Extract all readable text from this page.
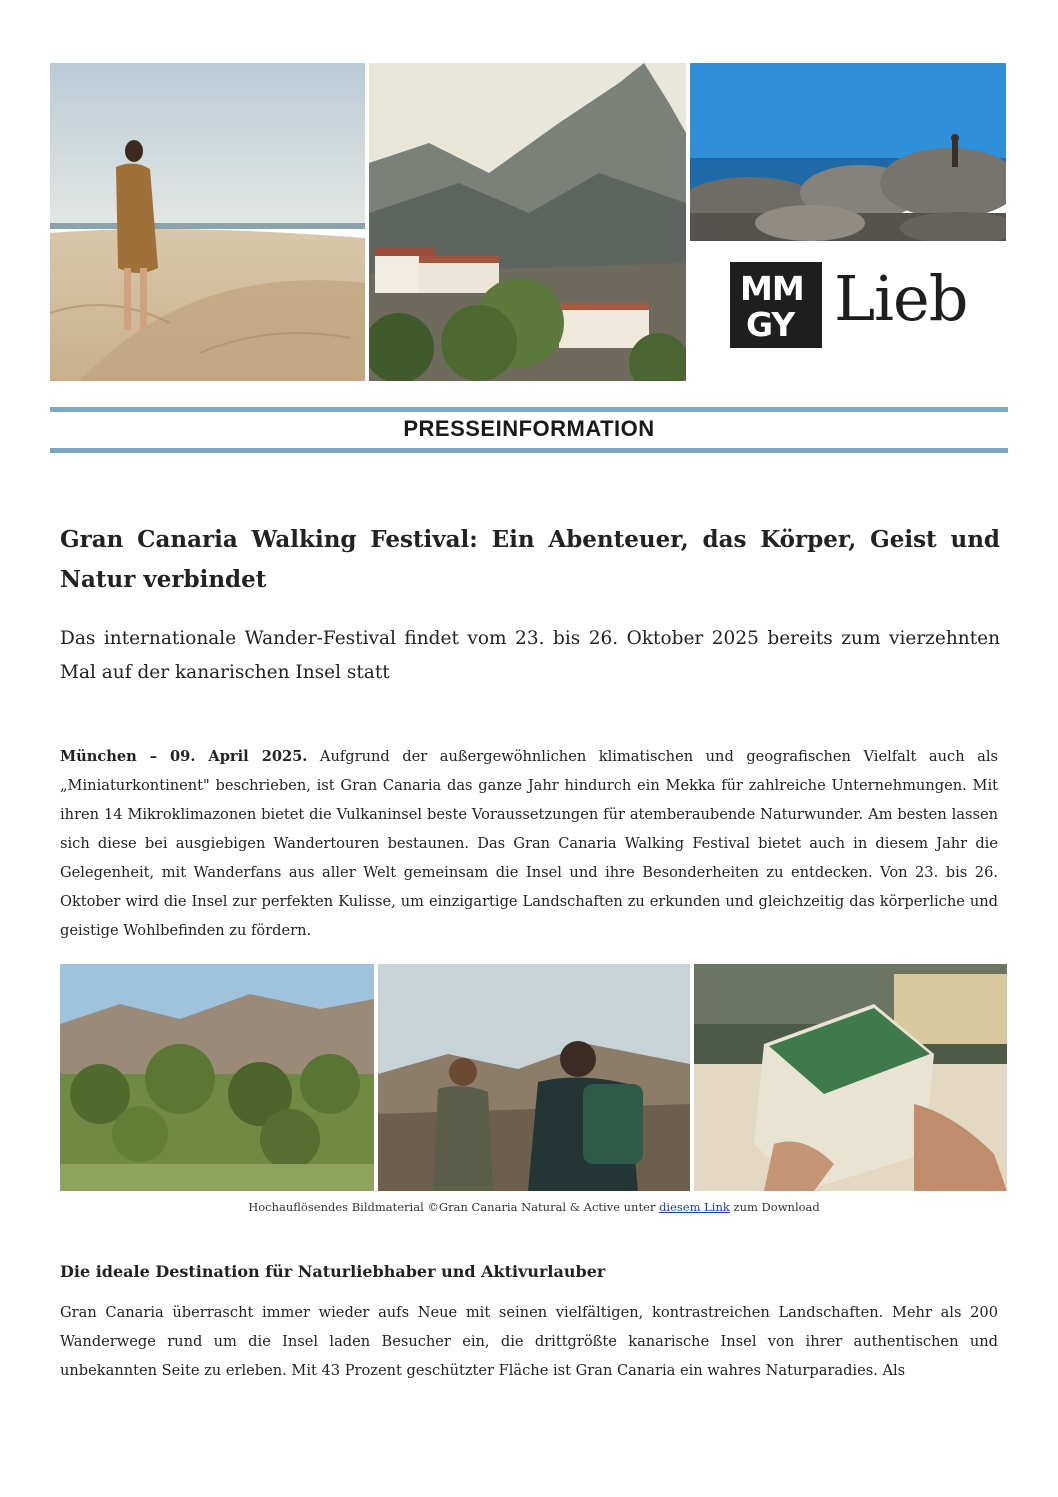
MM
GY Lieb
PRESSEINFORMATION
Gran Canaria Walking Festival: Ein Abenteuer, das Körper, Geist und Natur verbindet
Das internationale Wander-Festival findet vom 23. bis 26. Oktober 2025 bereits zum vierzehnten Mal auf der kanarischen Insel statt
München – 09. April 2025. Aufgrund der außergewöhnlichen klimatischen und geografischen Vielfalt auch als „Miniaturkontinent" beschrieben, ist Gran Canaria das ganze Jahr hindurch ein Mekka für zahlreiche Unternehmungen. Mit ihren 14 Mikroklimazonen bietet die Vulkaninsel beste Voraussetzungen für atemberaubende Naturwunder. Am besten lassen sich diese bei ausgiebigen Wandertouren bestaunen. Das Gran Canaria Walking Festival bietet auch in diesem Jahr die Gelegenheit, mit Wanderfans aus aller Welt gemeinsam die Insel und ihre Besonderheiten zu entdecken. Von 23. bis 26. Oktober wird die Insel zur perfekten Kulisse, um einzigartige Landschaften zu erkunden und gleichzeitig das körperliche und geistige Wohlbefinden zu fördern.
Hochauflösendes Bildmaterial ©Gran Canaria Natural & Active unter diesem Link zum Download
Die ideale Destination für Naturliebhaber und Aktivurlauber
Gran Canaria überrascht immer wieder aufs Neue mit seinen vielfältigen, kontrastreichen Landschaften. Mehr als 200 Wanderwege rund um die Insel laden Besucher ein, die drittgrößte kanarische Insel von ihrer authentischen und unbekannten Seite zu erleben. Mit 43 Prozent geschützter Fläche ist Gran Canaria ein wahres Naturparadies. Als
